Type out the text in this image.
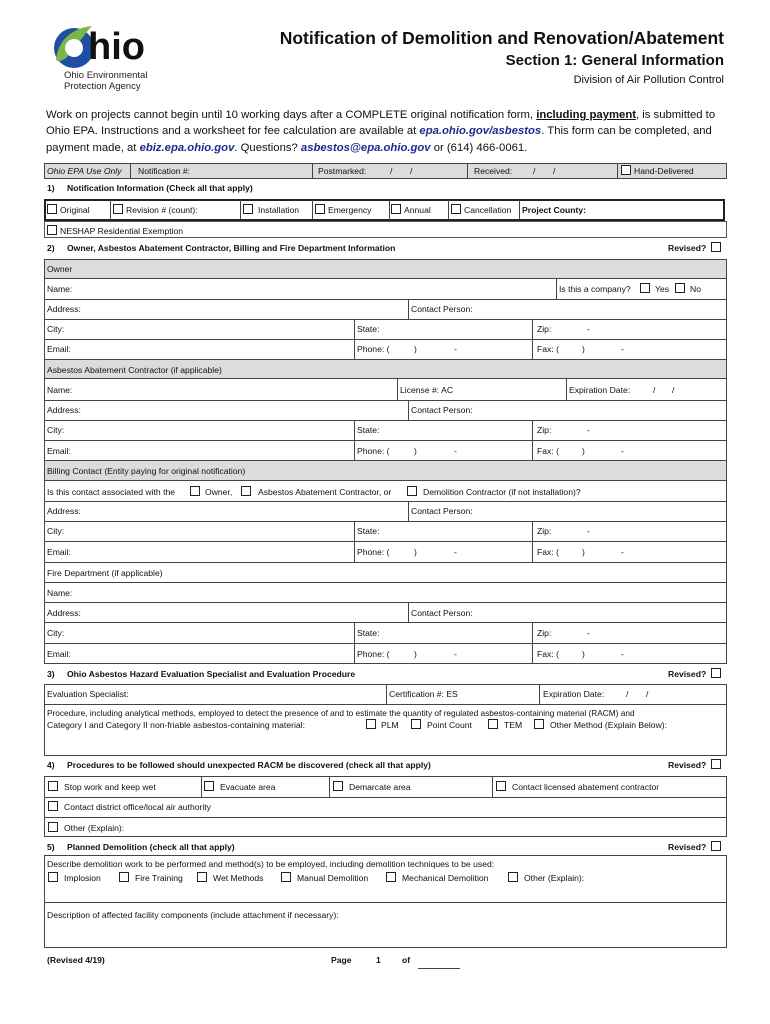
hio
Ohio Environmental
Protection Agency
Notification of Demolition and Renovation/Abatement
Section 1: General Information
Division of Air Pollution Control
Work on projects cannot begin until 10 working days after a COMPLETE original notification form, including payment, is submitted to Ohio EPA. Instructions and a worksheet for fee calculation are available at epa.ohio.gov/asbestos. This form can be completed, and payment made, at ebiz.epa.ohio.gov. Questions? asbestos@epa.ohio.gov or (614) 466-0061.
Ohio EPA Use Only Notification #:	Postmarked:	/ /	Received: / /	Hand-Delivered
1) Notification Information (Check all that apply)
Original	Revision # (count):	Installation	Emergency	Annual	Cancellation Project County:
NESHAP Residential Exemption
2) Owner, Asbestos Abatement Contractor, Billing and Fire Department Information	Revised?
Owner
Name:	Is this a company?	Yes No
Address:	Contact Person:
City:	State:	Zip:	-
Email:	Phone: (	)	-	Fax: (	)	-
Asbestos Abatement Contractor (if applicable)
Name:	License #: AC	Expiration Date:	/ /
Address:	Contact Person:
City:	State:	Zip:	-
Email:	Phone: (	)	-	Fax: (	)	-
Billing Contact (Entity paying for original notification)
Is this contact associated with the	Owner,	Asbestos Abatement Contractor, or	Demolition Contractor (if not installation)?
Address:	Contact Person:
City:	State:	Zip:	-
Email:	Phone: (	)	-	Fax: (	)	-
Fire Department (if applicable)
Name:
Address:	Contact Person:
City:	State:	Zip:	-
Email:	Phone: (	)	-	Fax: (	)	-
3) Ohio Asbestos Hazard Evaluation Specialist and Evaluation Procedure	Revised?
Evaluation Specialist:	Certification #: ES	Expiration Date:	/ /
Procedure, including analytical methods, employed to detect the presence of and to estimate the quantity of regulated asbestos-containing material (RACM) and
Category I and Category II non-friable asbestos-containing material:	PLM	Point Count	TEM	Other Method (Explain Below):
4) Procedures to be followed should unexpected RACM be discovered (check all that apply)	Revised?
Stop work and keep wet	Evacuate area	Demarcate area	Contact licensed abatement contractor
Contact district office/local air authority
Other (Explain):
5) Planned Demolition (check all that apply)	Revised?
Describe demolition work to be performed and method(s) to be employed, including demolition techniques to be used:
Implosion	Fire Training	Wet Methods	Manual Demolition	Mechanical Demolition	Other (Explain):
Description of affected facility components (include attachment if necessary):
(Revised 4/19)	Page	1 of
